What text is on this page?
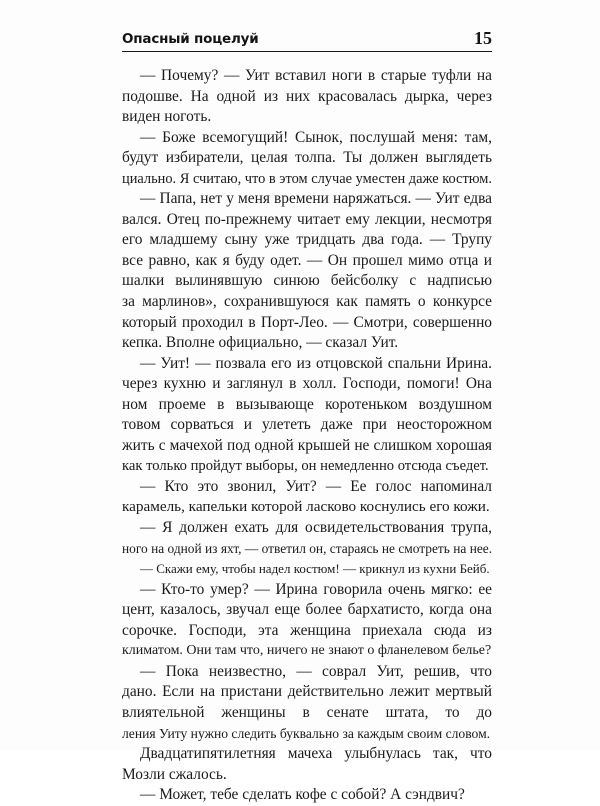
Опасный поцелуй	15
— Почему? — Уит вставил ноги в старые туфли на
подошве. На одной из них красовалась дырка, через
виден ноготь.
— Боже всемогущий! Сынок, послушай меня: там,
будут избиратели, целая толпа. Ты должен выглядеть
циально. Я считаю, что в этом случае уместен даже костюм.
— Папа, нет у меня времени наряжаться. — Уит едва
вался. Отец по-прежнему читает ему лекции, несмотря
его младшему сыну уже тридцать два года. — Трупу
все равно, как я буду одет. — Он прошел мимо отца и
шалки вылинявшую синюю бейсболку с надписью
за марлинов», сохранившуюся как память о конкурсе
который проходил в Порт-Лео. — Смотри, совершенно
кепка. Вполне официально, — сказал Уит.
— Уит! — позвала его из отцовской спальни Ирина.
через кухню и заглянул в холл. Господи, помоги! Она
ном проеме в вызывающе коротеньком воздушном
товом сорваться и улететь даже при неосторожном
жить с мачехой под одной крышей не слишком хорошая
как только пройдут выборы, он немедленно отсюда съедет.
— Кто это звонил, Уит? — Ее голос напоминал
карамель, капельки которой ласково коснулись его кожи.
— Я должен ехать для освидетельствования трупа,
ного на одной из яхт, — ответил он, стараясь не смотреть на нее.
— Скажи ему, чтобы надел костюм! — крикнул из кухни Бейб.
— Кто-то умер? — Ирина говорила очень мягко: ее
цент, казалось, звучал еще более бархатисто, когда она
сорочке. Господи, эта женщина приехала сюда из
климатом. Они там что, ничего не знают о фланелевом белье?
— Пока неизвестно, — соврал Уит, решив, что
дано. Если на пристани действительно лежит мертвый
влиятельной женщины в сенате штата, то до
ления Уиту нужно следить буквально за каждым своим словом.
Двадцатипятилетняя мачеха улыбнулась так, что
Мозли сжалось.
— Может, тебе сделать кофе с собой? А сэндвич?
